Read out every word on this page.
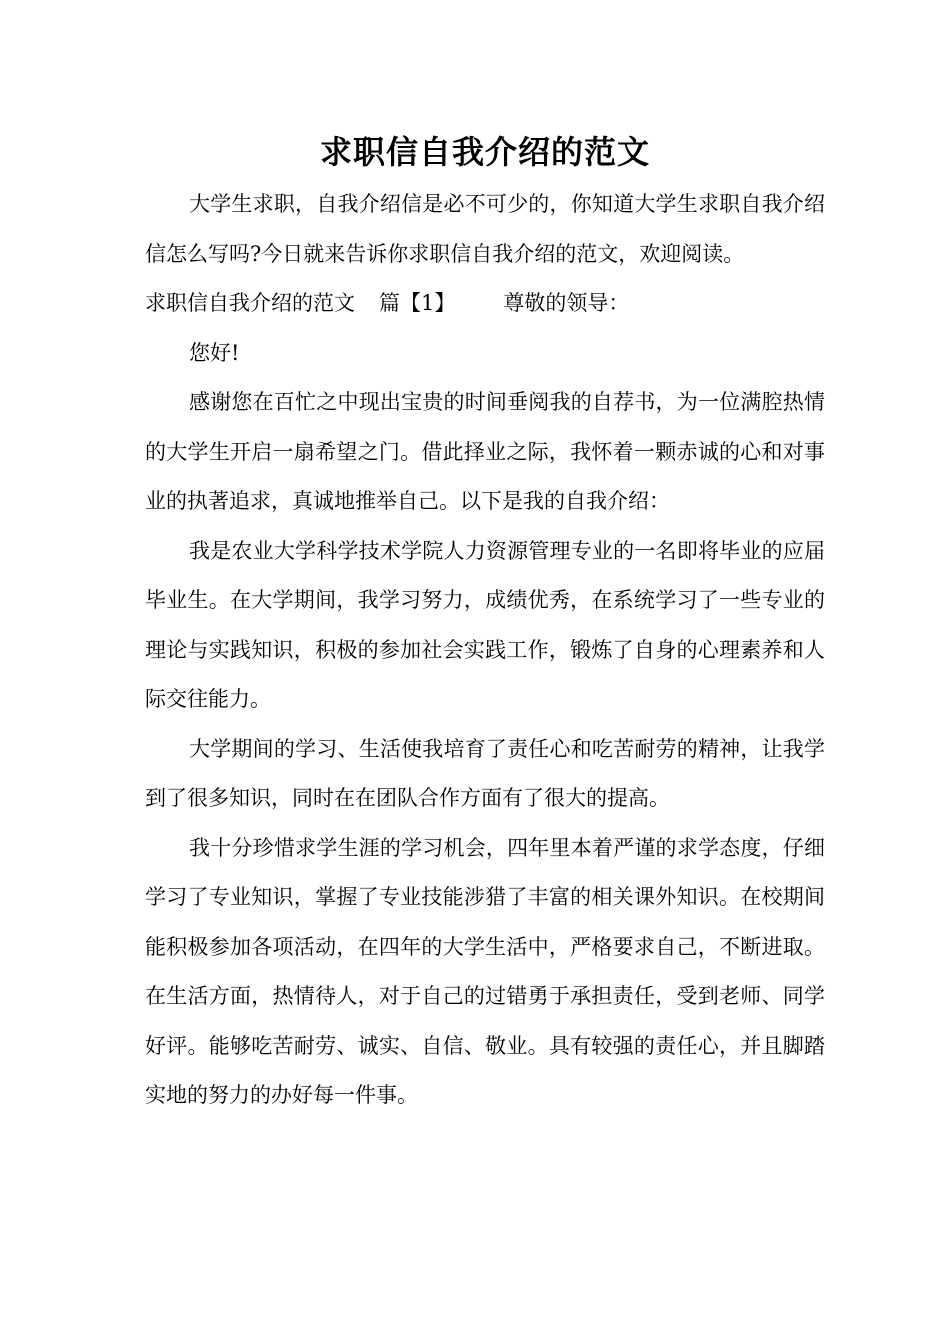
求职信自我介绍的范文

大学生求职，自我介绍信是必不可少的，你知道大学生求职自我介绍信怎么写吗?今日就来告诉你求职信自我介绍的范文，欢迎阅读。

求职信自我介绍的范文 篇【1】 尊敬的领导：

您好!

感谢您在百忙之中现出宝贵的时间垂阅我的自荐书，为一位满腔热情的大学生开启一扇希望之门。借此择业之际，我怀着一颗赤诚的心和对事业的执著追求，真诚地推举自己。以下是我的自我介绍：

我是农业大学科学技术学院人力资源管理专业的一名即将毕业的应届毕业生。在大学期间，我学习努力，成绩优秀，在系统学习了一些专业的理论与实践知识，积极的参加社会实践工作，锻炼了自身的心理素养和人际交往能力。

大学期间的学习、生活使我培育了责任心和吃苦耐劳的精神，让我学到了很多知识，同时在在团队合作方面有了很大的提高。

我十分珍惜求学生涯的学习机会，四年里本着严谨的求学态度，仔细学习了专业知识，掌握了专业技能涉猎了丰富的相关课外知识。在校期间能积极参加各项活动，在四年的大学生活中，严格要求自己，不断进取。在生活方面，热情待人，对于自己的过错勇于承担责任，受到老师、同学好评。能够吃苦耐劳、诚实、自信、敬业。具有较强的责任心，并且脚踏实地的努力的办好每一件事。
